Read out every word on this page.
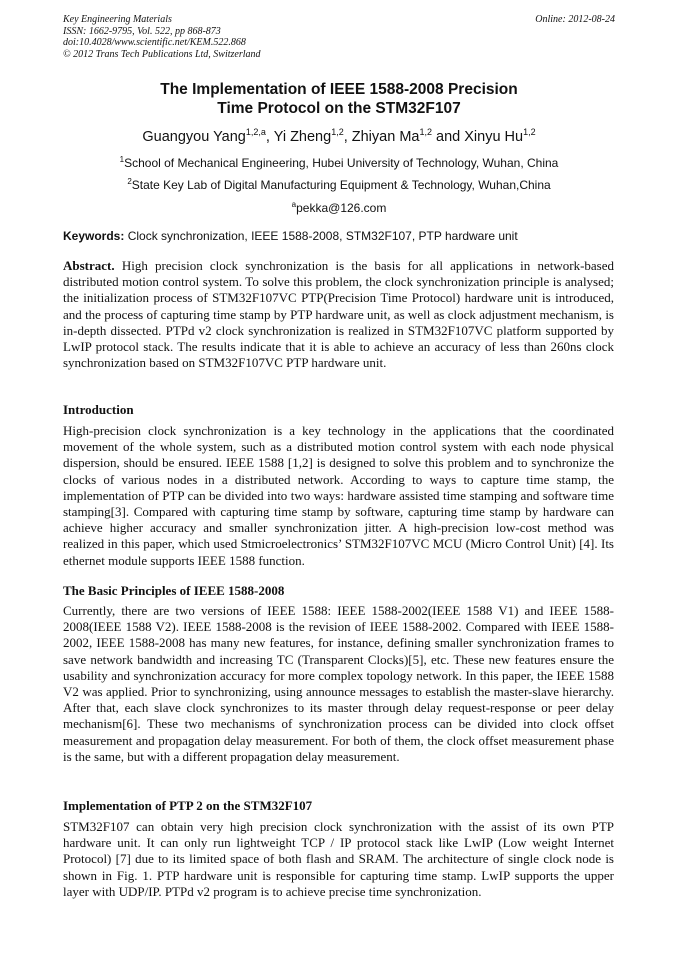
Key Engineering Materials
ISSN: 1662-9795, Vol. 522, pp 868-873
doi:10.4028/www.scientific.net/KEM.522.868
© 2012 Trans Tech Publications Ltd, Switzerland
Online: 2012-08-24
The Implementation of IEEE 1588-2008 Precision
Time Protocol on the STM32F107
Guangyou Yang$^{1,2,a}$, Yi Zheng$^{1,2}$, Zhiyan Ma$^{1,2}$ and Xinyu Hu$^{1,2}$
$^1$School of Mechanical Engineering, Hubei University of Technology, Wuhan, China
$^2$State Key Lab of Digital Manufacturing Equipment & Technology, Wuhan,China
$^a$pekka@126.com
Keywords: Clock synchronization, IEEE 1588-2008, STM32F107, PTP hardware unit
Abstract. High precision clock synchronization is the basis for all applications in network-based distributed motion control system. To solve this problem, the clock synchronization principle is analysed; the initialization process of STM32F107VC PTP(Precision Time Protocol) hardware unit is introduced, and the process of capturing time stamp by PTP hardware unit, as well as clock adjustment mechanism, is in-depth dissected. PTPd v2 clock synchronization is realized in STM32F107VC platform supported by LwIP protocol stack. The results indicate that it is able to achieve an accuracy of less than 260ns clock synchronization based on STM32F107VC PTP hardware unit.
Introduction
High-precision clock synchronization is a key technology in the applications that the coordinated movement of the whole system, such as a distributed motion control system with each node physical dispersion, should be ensured. IEEE 1588 [1,2] is designed to solve this problem and to synchronize the clocks of various nodes in a distributed network. According to ways to capture time stamp, the implementation of PTP can be divided into two ways: hardware assisted time stamping and software time stamping[3]. Compared with capturing time stamp by software, capturing time stamp by hardware can achieve higher accuracy and smaller synchronization jitter. A high-precision low-cost method was realized in this paper, which used Stmicroelectronics’ STM32F107VC MCU (Micro Control Unit) [4]. Its ethernet module supports IEEE 1588 function.
The Basic Principles of IEEE 1588-2008
Currently, there are two versions of IEEE 1588: IEEE 1588-2002(IEEE 1588 V1) and IEEE 1588-2008(IEEE 1588 V2). IEEE 1588-2008 is the revision of IEEE 1588-2002. Compared with IEEE 1588-2002, IEEE 1588-2008 has many new features, for instance, defining smaller synchronization frames to save network bandwidth and increasing TC (Transparent Clocks)[5], etc. These new features ensure the usability and synchronization accuracy for more complex topology network. In this paper, the IEEE 1588 V2 was applied. Prior to synchronizing, using announce messages to establish the master-slave hierarchy. After that, each slave clock synchronizes to its master through delay request-response or peer delay mechanism[6]. These two mechanisms of synchronization process can be divided into clock offset measurement and propagation delay measurement. For both of them, the clock offset measurement phase is the same, but with a different propagation delay measurement.
Implementation of PTP 2 on the STM32F107
STM32F107 can obtain very high precision clock synchronization with the assist of its own PTP hardware unit. It can only run lightweight TCP / IP protocol stack like LwIP (Low weight Internet Protocol) [7] due to its limited space of both flash and SRAM. The architecture of single clock node is shown in Fig. 1. PTP hardware unit is responsible for capturing time stamp. LwIP supports the upper layer with UDP/IP. PTPd v2 program is to achieve precise time synchronization.
